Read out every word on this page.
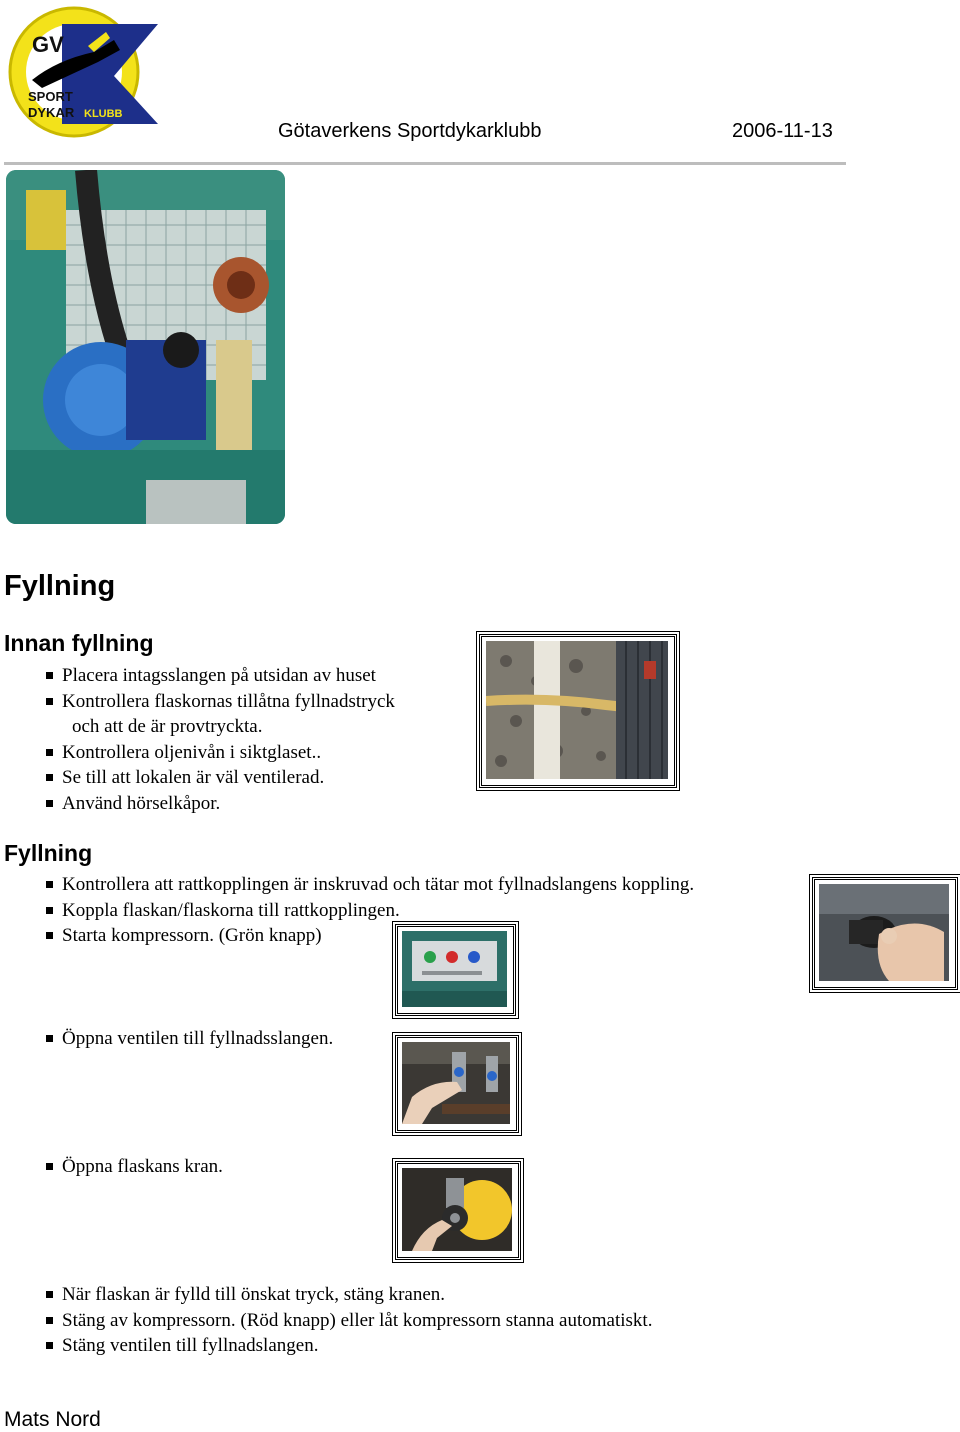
GV
SPORT
DYKAR KLUBB
Götaverkens Sportdykarklubb	2006-11-13
Fyllning
Innan fyllning
Placera intagsslangen på utsidan av huset
Kontrollera flaskornas tillåtna fyllnadstryck
och att de är provtryckta.
Kontrollera oljenivån i siktglaset..
Se till att lokalen är väl ventilerad.
Använd hörselkåpor.
Fyllning
Kontrollera att rattkopplingen är inskruvad och tätar mot fyllnadslangens koppling.
Koppla flaskan/flaskorna till rattkopplingen.
Starta kompressorn. (Grön knapp)
Öppna ventilen till fyllnadsslangen.
Öppna flaskans kran.
När flaskan är fylld till önskat tryck, stäng kranen.
Stäng av kompressorn. (Röd knapp) eller låt kompressorn stanna automatiskt.
Stäng ventilen till fyllnadslangen.
Mats Nord
